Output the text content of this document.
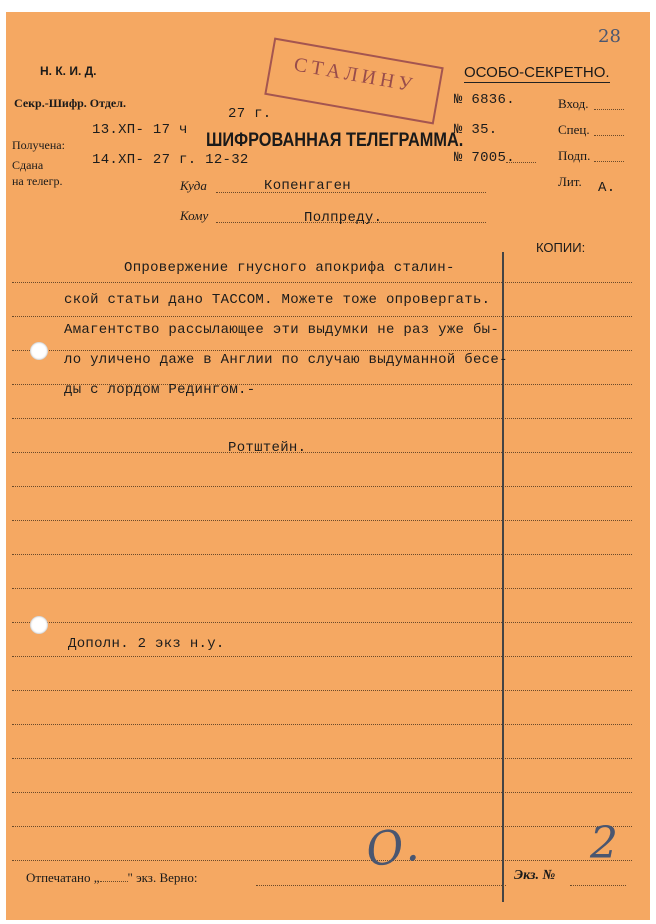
28
Н. К. И. Д.
Секр.-Шифр. Отдел.
Получена:
Сдана
на телегр.
ОСОБО-СЕКРЕТНО.
СТАЛИНУ
27 г.
13.ХП- 17 ч
14.ХП- 27 г. 12-32
ШИФРОВАННАЯ ТЕЛЕГРАММА.
№ 6836.
№ 35.
№ 7005.
Вход.
Спец.
Подп.
Лит. А.
Куда	Копенгаген
Кому	Полпреду.
КОПИИ:
Опровержение гнусного апокрифа сталин-
ской статьи дано ТАССОМ. Можете тоже опровергать.
Амагентство рассылающее эти выдумки не раз уже бы-
ло уличено даже в Англии по случаю выдуманной бесе-
ды с лордом Редингом.-
Ротштейн.
Дополн. 2 экз н.у.
О.
Отпечатано „ " экз. Верно:	Экз. №
2
